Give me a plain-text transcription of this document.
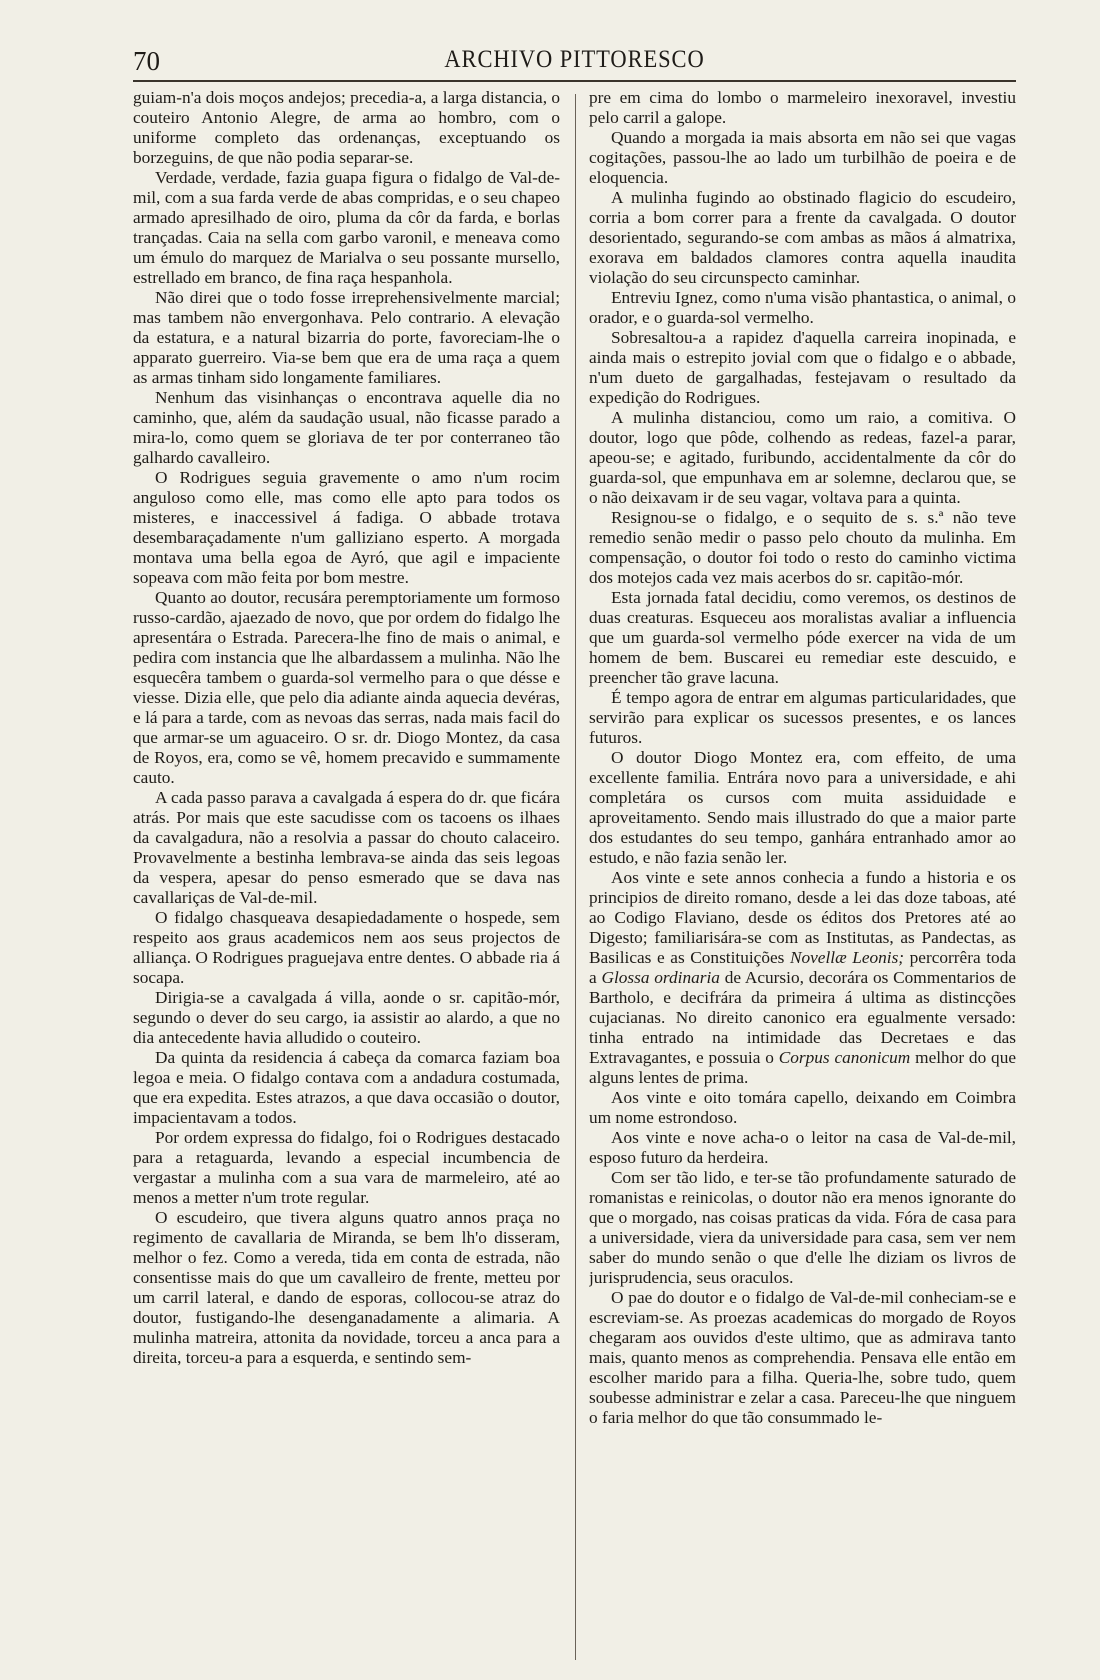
70	ARCHIVO PITTORESCO

guiam-n'a dois moços andejos; precedia-a, a larga distancia, o couteiro Antonio Alegre, de arma ao hombro, com o uniforme completo das ordenanças, exceptuando os borzeguins, de que não podia separar-se.

Verdade, verdade, fazia guapa figura o fidalgo de Val-de-mil, com a sua farda verde de abas compridas, e o seu chapeo armado apresilhado de oiro, pluma da côr da farda, e borlas trançadas. Caia na sella com garbo varonil, e meneava como um émulo do marquez de Marialva o seu possante mursello, estrellado em branco, de fina raça hespanhola.

Não direi que o todo fosse irreprehensivelmente marcial; mas tambem não envergonhava. Pelo contrario. A elevação da estatura, e a natural bizarria do porte, favoreciam-lhe o apparato guerreiro. Via-se bem que era de uma raça a quem as armas tinham sido longamente familiares.

Nenhum das visinhanças o encontrava aquelle dia no caminho, que, além da saudação usual, não ficasse parado a mira-lo, como quem se gloriava de ter por conterraneo tão galhardo cavalleiro.

O Rodrigues seguia gravemente o amo n'um rocim anguloso como elle, mas como elle apto para todos os misteres, e inaccessivel á fadiga. O abbade trotava desembaraçadamente n'um galliziano esperto. A morgada montava uma bella egoa de Ayró, que agil e impaciente sopeava com mão feita por bom mestre.

Quanto ao doutor, recusára peremptoriamente um formoso russo-cardão, ajaezado de novo, que por ordem do fidalgo lhe apresentára o Estrada. Parecera-lhe fino de mais o animal, e pedira com instancia que lhe albardassem a mulinha. Não lhe esquecêra tambem o guarda-sol vermelho para o que désse e viesse. Dizia elle, que pelo dia adiante ainda aquecia devéras, e lá para a tarde, com as nevoas das serras, nada mais facil do que armar-se um aguaceiro. O sr. dr. Diogo Montez, da casa de Royos, era, como se vê, homem precavido e summamente cauto.

A cada passo parava a cavalgada á espera do dr. que ficára atrás. Por mais que este sacudisse com os tacoens os ilhaes da cavalgadura, não a resolvia a passar do chouto calaceiro. Provavelmente a bestinha lembrava-se ainda das seis legoas da vespera, apesar do penso esmerado que se dava nas cavallariças de Val-de-mil.

O fidalgo chasqueava desapiedadamente o hospede, sem respeito aos graus academicos nem aos seus projectos de alliança. O Rodrigues praguejava entre dentes. O abbade ria á socapa.

Dirigia-se a cavalgada á villa, aonde o sr. capitão-mór, segundo o dever do seu cargo, ia assistir ao alardo, a que no dia antecedente havia alludido o couteiro.

Da quinta da residencia á cabeça da comarca faziam boa legoa e meia. O fidalgo contava com a andadura costumada, que era expedita. Estes atrazos, a que dava occasião o doutor, impacientavam a todos.

Por ordem expressa do fidalgo, foi o Rodrigues destacado para a retaguarda, levando a especial incumbencia de vergastar a mulinha com a sua vara de marmeleiro, até ao menos a metter n'um trote regular.

O escudeiro, que tivera alguns quatro annos praça no regimento de cavallaria de Miranda, se bem lh'o disseram, melhor o fez. Como a vereda, tida em conta de estrada, não consentisse mais do que um cavalleiro de frente, metteu por um carril lateral, e dando de esporas, collocou-se atraz do doutor, fustigando-lhe desenganadamente a alimaria. A mulinha matreira, attonita da novidade, torceu a anca para a direita, torceu-a para a esquerda, e sentindo sem-

pre em cima do lombo o marmeleiro inexoravel, investiu pelo carril a galope.

Quando a morgada ia mais absorta em não sei que vagas cogitações, passou-lhe ao lado um turbilhão de poeira e de eloquencia.

A mulinha fugindo ao obstinado flagicio do escudeiro, corria a bom correr para a frente da cavalgada. O doutor desorientado, segurando-se com ambas as mãos á almatrixa, exorava em baldados clamores contra aquella inaudita violação do seu circunspecto caminhar.

Entreviu Ignez, como n'uma visão phantastica, o animal, o orador, e o guarda-sol vermelho.

Sobresaltou-a a rapidez d'aquella carreira inopinada, e ainda mais o estrepito jovial com que o fidalgo e o abbade, n'um dueto de gargalhadas, festejavam o resultado da expedição do Rodrigues.

A mulinha distanciou, como um raio, a comitiva. O doutor, logo que pôde, colhendo as redeas, fazel-a parar, apeou-se; e agitado, furibundo, accidentalmente da côr do guarda-sol, que empunhava em ar solemne, declarou que, se o não deixavam ir de seu vagar, voltava para a quinta.

Resignou-se o fidalgo, e o sequito de s. s.ª não teve remedio senão medir o passo pelo chouto da mulinha. Em compensação, o doutor foi todo o resto do caminho victima dos motejos cada vez mais acerbos do sr. capitão-mór.

Esta jornada fatal decidiu, como veremos, os destinos de duas creaturas. Esqueceu aos moralistas avaliar a influencia que um guarda-sol vermelho póde exercer na vida de um homem de bem. Buscarei eu remediar este descuido, e preencher tão grave lacuna.

É tempo agora de entrar em algumas particularidades, que servirão para explicar os sucessos presentes, e os lances futuros.

O doutor Diogo Montez era, com effeito, de uma excellente familia. Entrára novo para a universidade, e ahi completára os cursos com muita assiduidade e aproveitamento. Sendo mais illustrado do que a maior parte dos estudantes do seu tempo, ganhára entranhado amor ao estudo, e não fazia senão ler.

Aos vinte e sete annos conhecia a fundo a historia e os principios de direito romano, desde a lei das doze taboas, até ao Codigo Flaviano, desde os éditos dos Pretores até ao Digesto; familiarisára-se com as Institutas, as Pandectas, as Basilicas e as Constituições Novellæ Leonis; percorrêra toda a Glossa ordinaria de Acursio, decorára os Commentarios de Bartholo, e decifrára da primeira á ultima as distincções cujacianas. No direito canonico era egualmente versado: tinha entrado na intimidade das Decretaes e das Extravagantes, e possuia o Corpus canonicum melhor do que alguns lentes de prima.

Aos vinte e oito tomára capello, deixando em Coimbra um nome estrondoso.

Aos vinte e nove acha-o o leitor na casa de Val-de-mil, esposo futuro da herdeira.

Com ser tão lido, e ter-se tão profundamente saturado de romanistas e reinicolas, o doutor não era menos ignorante do que o morgado, nas coisas praticas da vida. Fóra de casa para a universidade, viera da universidade para casa, sem ver nem saber do mundo senão o que d'elle lhe diziam os livros de jurisprudencia, seus oraculos.

O pae do doutor e o fidalgo de Val-de-mil conheciam-se e escreviam-se. As proezas academicas do morgado de Royos chegaram aos ouvidos d'este ultimo, que as admirava tanto mais, quanto menos as comprehendia. Pensava elle então em escolher marido para a filha. Queria-lhe, sobre tudo, quem soubesse administrar e zelar a casa. Pareceu-lhe que ninguem o faria melhor do que tão consummado le-
